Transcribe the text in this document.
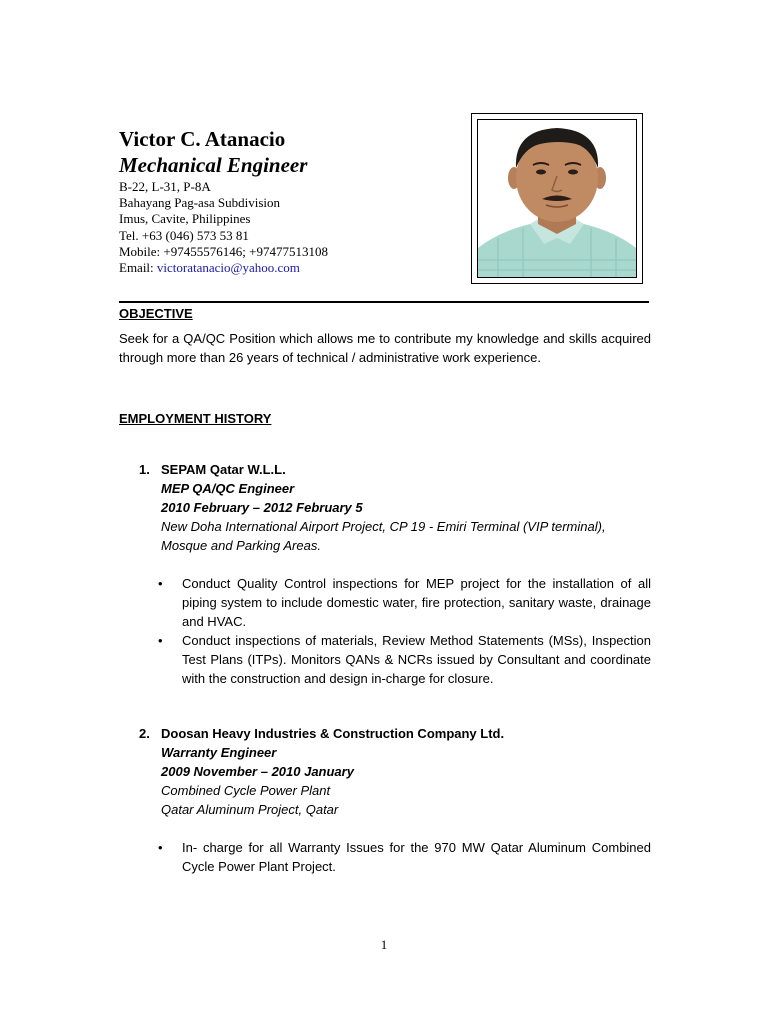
Victor C. Atanacio
Mechanical Engineer
B-22, L-31, P-8A
Bahayang Pag-asa Subdivision
Imus, Cavite, Philippines
Tel. +63 (046) 573 53 81
Mobile: +97455576146; +97477513108
Email: victoratanacio@yahoo.com
OBJECTIVE
Seek for a QA/QC Position which allows me to contribute my knowledge and skills acquired through more than 26 years of technical / administrative work experience.
EMPLOYMENT HISTORY
1. SEPAM Qatar W.L.L.
MEP QA/QC Engineer
2010 February – 2012 February 5
New Doha International Airport Project, CP 19 - Emiri Terminal (VIP terminal), Mosque and Parking Areas.
• Conduct Quality Control inspections for MEP project for the installation of all piping system to include domestic water, fire protection, sanitary waste, drainage and HVAC.
• Conduct inspections of materials, Review Method Statements (MSs), Inspection Test Plans (ITPs). Monitors QANs & NCRs issued by Consultant and coordinate with the construction and design in-charge for closure.
2. Doosan Heavy Industries & Construction Company Ltd.
Warranty Engineer
2009 November – 2010 January
Combined Cycle Power Plant
Qatar Aluminum Project, Qatar
• In- charge for all Warranty Issues for the 970 MW Qatar Aluminum Combined Cycle Power Plant Project.
1
